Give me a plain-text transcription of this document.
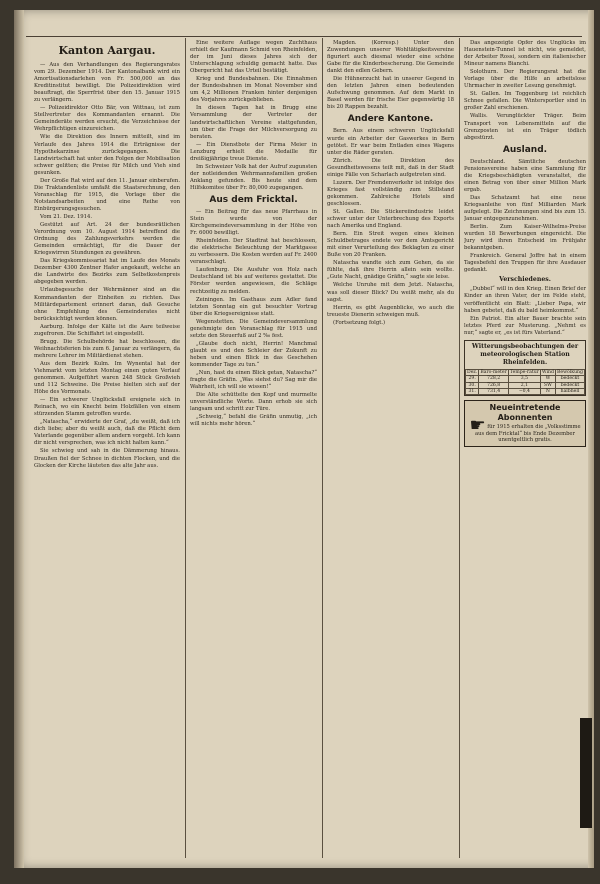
Kanton Aargau.

— Aus den Verhandlungen des Regierungsrates vom 29. Dezember 1914. Der Kantonalbank wird ein Amortisationsdarlehen von Fr. 500,000 an das Kreditinstitut bewilligt. Die Polizeidirektion wird beauftragt, die Sperrfrist über den 15. Januar 1915 zu verlängern.

— Polizeidirektor Otto Bär, von Wittnau, ist zum Stellvertreter des Kommandanten ernannt. Die Gemeinderäte werden ersucht, die Verzeichnisse der Wehrpflichtigen einzureichen.

Wie die Direktion des Innern mitteilt, sind im Verlaufe des Jahres 1914 die Erträgnisse der Hypothekarzinse zurückgegangen. Die Landwirtschaft hat unter den Folgen der Mobilisation schwer gelitten; die Preise für Milch und Vieh sind gesunken.

Der Große Rat wird auf den 11. Januar einberufen. Die Traktandenliste umfaßt die Staatsrechnung, den Voranschlag für 1915, die Vorlage über die Notstandsarbeiten und eine Reihe von Einbürgerungsgesuchen.

Vom 21. Dez. 1914.

Gestützt auf Art. 24 der bundesrätlichen Verordnung vom 10. August 1914 betreffend die Ordnung des Zahlungsverkehrs werden die Gemeinden ermächtigt, für die Dauer der Kriegswirren Stundungen zu gewähren.

Das Kriegskommissariat hat im Laufe des Monats Dezember 4300 Zentner Hafer angekauft, welche an die Landwirte des Bezirks zum Selbstkostenpreis abgegeben werden.

Urlaubsgesuche der Wehrmänner sind an die Kommandanten der Einheiten zu richten. Das Militärdepartement erinnert daran, daß Gesuche ohne Empfehlung des Gemeinderates nicht berücksichtigt werden können.

Aarburg. Infolge der Kälte ist die Aare teilweise zugefroren. Die Schiffahrt ist eingestellt.

Brugg. Die Schulbehörde hat beschlossen, die Weihnachtsferien bis zum 6. Januar zu verlängern, da mehrere Lehrer im Militärdienst stehen.

Aus dem Bezirk Kulm. Im Wynental hat der Viehmarkt vom letzten Montag einen guten Verlauf genommen. Aufgeführt waren 248 Stück Großvieh und 112 Schweine. Die Preise hielten sich auf der Höhe des Vormonats.

— Ein schwerer Unglücksfall ereignete sich in Reinach, wo ein Knecht beim Holzfällen von einem stürzenden Stamm getroffen wurde.

„Natascha,“ erwiderte der Graf, „du weißt, daß ich dich liebe; aber du weißt auch, daß die Pflicht dem Vaterlande gegenüber allem andern vorgeht. Ich kann dir nicht versprechen, was ich nicht halten kann.“

Sie schwieg und sah in die Dämmerung hinaus. Draußen fiel der Schnee in dichten Flocken, und die Glocken der Kirche läuteten das alte Jahr aus.

Eine weitere Auflage wegen Zuchthaus erhielt der Kaufmann Schmid von Rheinfelden, der im Juni dieses Jahres sich der Unterschlagung schuldig gemacht hatte. Das Obergericht hat das Urteil bestätigt.

Krieg und Bundesbahnen. Die Einnahmen der Bundesbahnen im Monat November sind um 4,2 Millionen Franken hinter denjenigen des Vorjahres zurückgeblieben.

In diesen Tagen hat in Brugg eine Versammlung der Vertreter der landwirtschaftlichen Vereine stattgefunden, um über die Frage der Milchversorgung zu beraten.

— Ein Dienstbote der Firma Meier in Lenzburg erhielt die Medaille für dreißigjährige treue Dienste.

Im Schweizer Volk hat der Aufruf zugunsten der notleidenden Wehrmannsfamilien großen Anklang gefunden. Bis heute sind dem Hilfskomitee über Fr. 80,000 zugegangen.

Aus dem Fricktal.

— Ein Beitrag für das neue Pfarrhaus in Stein wurde von der Kirchgemeindeversammlung in der Höhe von Fr. 6000 bewilligt.

Rheinfelden. Der Stadtrat hat beschlossen, die elektrische Beleuchtung der Marktgasse zu verbessern. Die Kosten werden auf Fr. 2400 veranschlagt.

Laufenburg. Die Ausfuhr von Holz nach Deutschland ist bis auf weiteres gestattet. Die Förster werden angewiesen, die Schläge rechtzeitig zu melden.

Zeiningen. Im Gasthaus zum Adler fand letzten Sonntag ein gut besuchter Vortrag über die Kriegsereignisse statt.

Wegenstetten. Die Gemeindeversammlung genehmigte den Voranschlag für 1915 und setzte den Steuerfuß auf 2 ‰ fest.

„Glaube doch nicht, Herrin! Manchmal glaubt es und den Schleier der Zukunft zu heben und einen Blick in das Geschehen kommender Tage zu tun.“

„Nun, hast du einen Blick getan, Natascha?“ fragte die Gräfin. „Was siehst du? Sag mir die Wahrheit, ich will sie wissen!“

Die Alte schüttelte den Kopf und murmelte unverständliche Worte. Dann erhob sie sich langsam und schritt zur Türe.

„Schweig,“ befahl die Gräfin unmutig, „ich will nichts mehr hören.“

Magden. (Korresp.) Unter den Zuwendungen unserer Wohltätigkeitsvereine figuriert auch diesmal wieder eine schöne Gabe für die Kinderbescherung. Die Gemeinde dankt den edlen Gebern.

Die Hühnerzucht hat in unserer Gegend in den letzten Jahren einen bedeutenden Aufschwung genommen. Auf dem Markt in Basel werden für frische Eier gegenwärtig 18 bis 20 Rappen bezahlt.

Andere Kantone.

Bern. Aus einem schweren Unglücksfall wurde ein Arbeiter der Gaswerkes in Bern getötet. Er war beim Entladen eines Wagens unter die Räder geraten.

Zürich. Die Direktion des Gesundheitswesens teilt mit, daß in der Stadt einige Fälle von Scharlach aufgetreten sind.

Luzern. Der Fremdenverkehr ist infolge des Krieges fast vollständig zum Stillstand gekommen. Zahlreiche Hotels sind geschlossen.

St. Gallen. Die Stickereiindustrie leidet schwer unter der Unterbrechung des Exports nach Amerika und England.

Bern. Ein Streit wegen eines kleinen Schuldbetrages endete vor dem Amtsgericht mit einer Verurteilung des Beklagten zu einer Buße von 20 Franken.

Natascha wandte sich zum Gehen, da sie fühlte, daß ihre Herrin allein sein wollte. „Gute Nacht, gnädige Gräfin,“ sagte sie leise.

Welche Unruhe mit dem Jetzt. Natascha, was soll dieser Blick? Du weißt mehr, als du sagst.

Herrin, es gibt Augenblicke, wo auch die treueste Dienerin schweigen muß.

(Fortsetzung folgt.)

Das angezeigte Opfer des Unglücks im Hauenstein-Tunnel ist nicht, wie gemeldet, der Arbeiter Rossi, sondern ein italienischer Mineur namens Bianchi.

Solothurn. Der Regierungsrat hat die Vorlage über die Hilfe an arbeitslose Uhrmacher in zweiter Lesung genehmigt.

St. Gallen. Im Toggenburg ist reichlich Schnee gefallen. Die Wintersportler sind in großer Zahl erschienen.

Wallis. Verunglückter Träger. Beim Transport von Lebensmitteln auf die Grenzposten ist ein Träger tödlich abgestürzt.

Ausland.

Deutschland. Sämtliche deutschen Pensionsvereine haben eine Sammlung für die Kriegsbeschädigten veranstaltet, die einen Betrag von über einer Million Mark ergab.

Das Schatzamt hat eine neue Kriegsanleihe von fünf Milliarden Mark aufgelegt. Die Zeichnungen sind bis zum 15. Januar entgegenzunehmen.

Berlin. Zum Kaiser-Wilhelms-Preise wurden 18 Bewerbungen eingereicht. Die Jury wird ihren Entscheid im Frühjahr bekanntgeben.

Frankreich. General Joffre hat in einem Tagesbefehl den Truppen für ihre Ausdauer gedankt.

Verschiedenes.

„Dubbel“ will in den Krieg. Einen Brief der Kinder an ihren Vater, der im Felde steht, veröffentlicht ein Blatt: „Lieber Papa, wir haben gebetet, daß du bald heimkommst.“

Ein Patriot. Ein alter Bauer brachte sein letztes Pferd zur Musterung. „Nehmt es nur,“ sagte er, „es ist fürs Vaterland.“

Witterungsbeobachtungen der meteorologischen Station Rheinfelden.
Dez.	Baro-meter	Tempe-ratur	Wind	Bewölkung
29.	728,2	3,5	W	bedeckt
30.	726,8	2,1	SW	bedeckt
31.	731,4	−0,4	N	halbhell
Neueintretende Abonnenten
☛ für 1915 erhalten die „Volksstimme aus dem Fricktal“ bis Ende Dezember unentgeltlich gratis.
